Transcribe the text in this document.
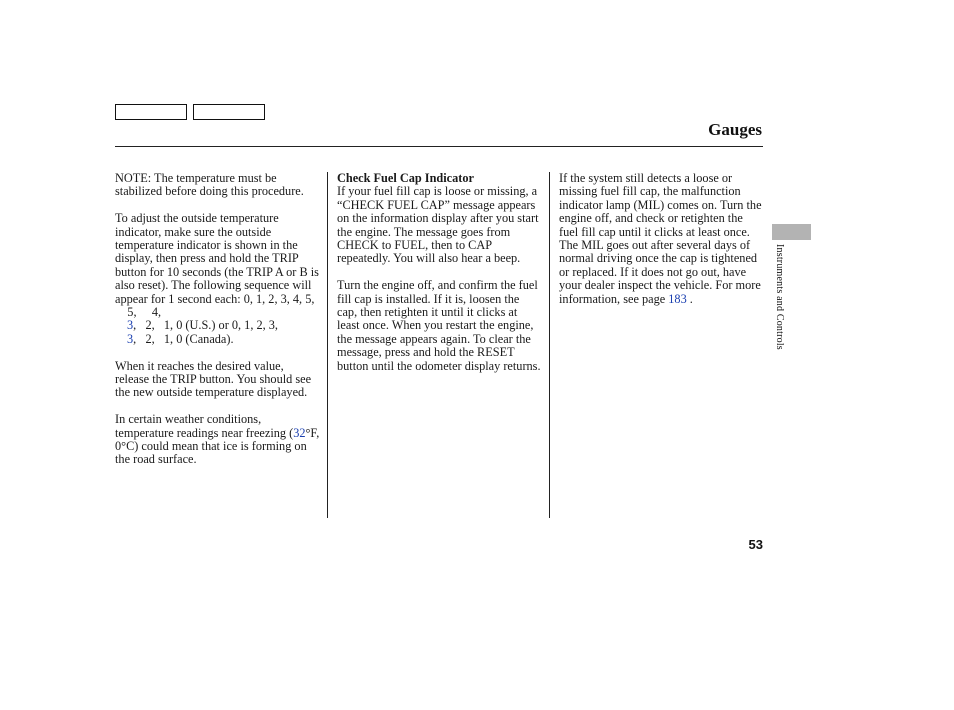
Gauges

NOTE: The temperature must be stabilized before doing this procedure.

To adjust the outside temperature indicator, make sure the outside temperature indicator is shown in the display, then press and hold the TRIP button for 10 seconds (the TRIP A or B is also reset). The following sequence will appear for 1 second each: 0, 1, 2, 3, 4, 5,     5, 4,
3,   2,   1, 0 (U.S.) or 0, 1, 2, 3,
3,   2,   1, 0 (Canada).

When it reaches the desired value, release the TRIP button. You should see the new outside temperature displayed.

In certain weather conditions, temperature readings near freezing (32°F, 0°C) could mean that ice is forming on the road surface.

Check Fuel Cap Indicator
If your fuel fill cap is loose or missing, a “CHECK FUEL CAP” message appears on the information display after you start the engine. The message goes from CHECK to FUEL, then to CAP repeatedly. You will also hear a beep.

Turn the engine off, and confirm the fuel fill cap is installed. If it is, loosen the cap, then retighten it until it clicks at least once. When you restart the engine, the message appears again. To clear the message, press and hold the RESET button until the odometer display returns.

If the system still detects a loose or missing fuel fill cap, the malfunction indicator lamp (MIL) comes on. Turn the engine off, and check or retighten the fuel fill cap until it clicks at least once. The MIL goes out after several days of normal driving once the cap is tightened or replaced. If it does not go out, have your dealer inspect the vehicle. For more information, see page 183 .	Instruments and Controls
53
